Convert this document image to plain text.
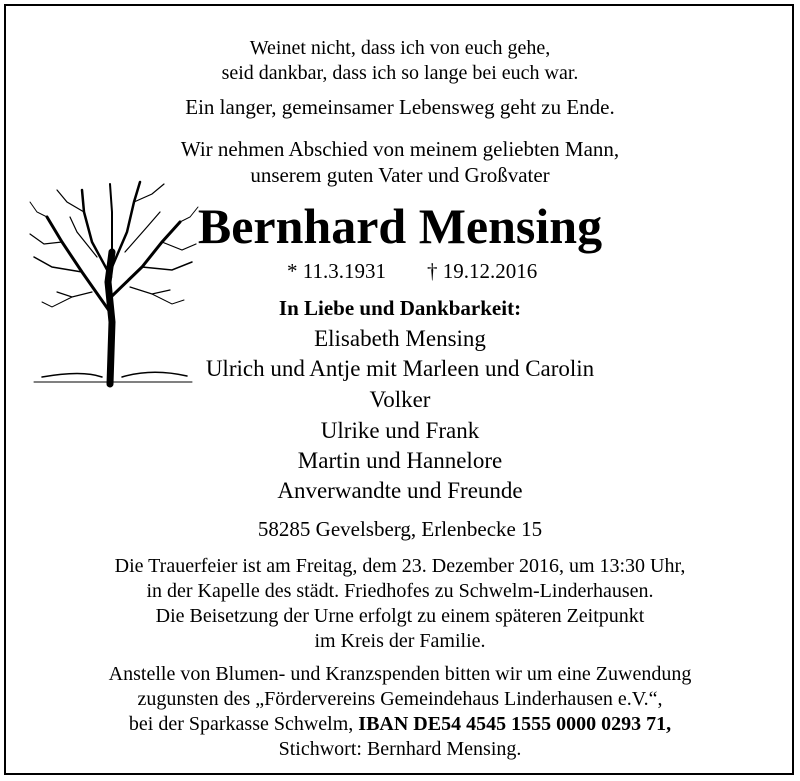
Weinet nicht, dass ich von euch gehe,

seid dankbar, dass ich so lange bei euch war.

Ein langer, gemeinsamer Lebensweg geht zu Ende.

Wir nehmen Abschied von meinem geliebten Mann,

unserem guten Vater und Großvater

Bernhard Mensing

* 11.3.1931 † 19.12.2016

In Liebe und Dankbarkeit:

Elisabeth Mensing

Ulrich und Antje mit Marleen und Carolin

Volker

Ulrike und Frank

Martin und Hannelore

Anverwandte und Freunde

58285 Gevelsberg, Erlenbecke 15

Die Trauerfeier ist am Freitag, dem 23. Dezember 2016, um 13:30 Uhr,

in der Kapelle des städt. Friedhofes zu Schwelm-Linderhausen.

Die Beisetzung der Urne erfolgt zu einem späteren Zeitpunkt

im Kreis der Familie.

Anstelle von Blumen- und Kranzspenden bitten wir um eine Zuwendung

zugunsten des „Fördervereins Gemeindehaus Linderhausen e.V.“,

bei der Sparkasse Schwelm, IBAN DE54 4545 1555 0000 0293 71,

Stichwort: Bernhard Mensing.
